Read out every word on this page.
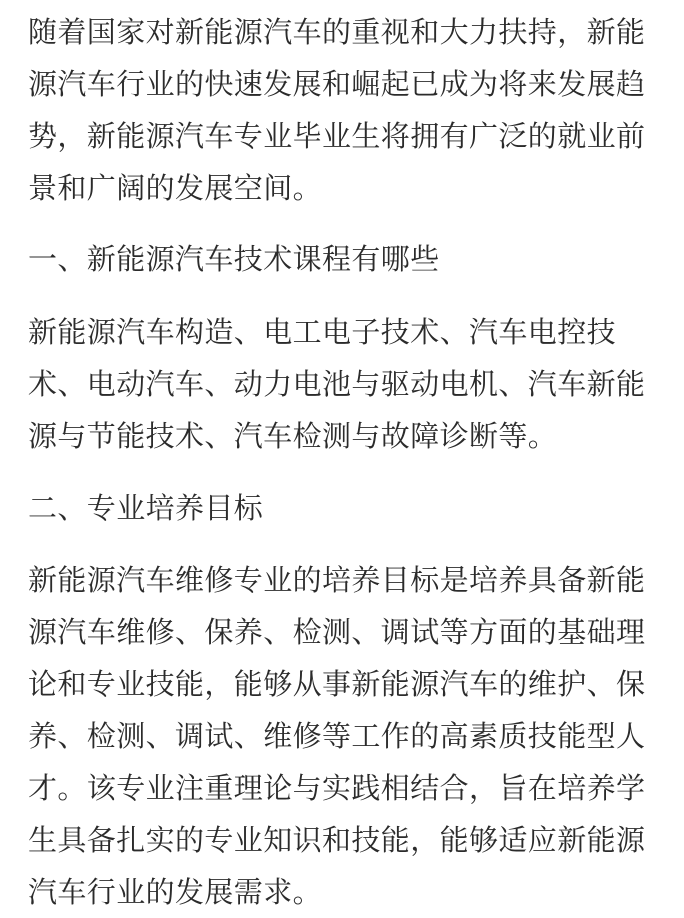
随着国家对新能源汽车的重视和大力扶持，新能源汽车行业的快速发展和崛起已成为将来发展趋势，新能源汽车专业毕业生将拥有广泛的就业前景和广阔的发展空间。

一、新能源汽车技术课程有哪些

新能源汽车构造、电工电子技术、汽车电控技术、电动汽车、动力电池与驱动电机、汽车新能源与节能技术、汽车检测与故障诊断等。

二、专业培养目标

新能源汽车维修专业的培养目标是培养具备新能源汽车维修、保养、检测、调试等方面的基础理论和专业技能，能够从事新能源汽车的维护、保养、检测、调试、维修等工作的高素质技能型人才。该专业注重理论与实践相结合，旨在培养学生具备扎实的专业知识和技能，能够适应新能源汽车行业的发展需求。
